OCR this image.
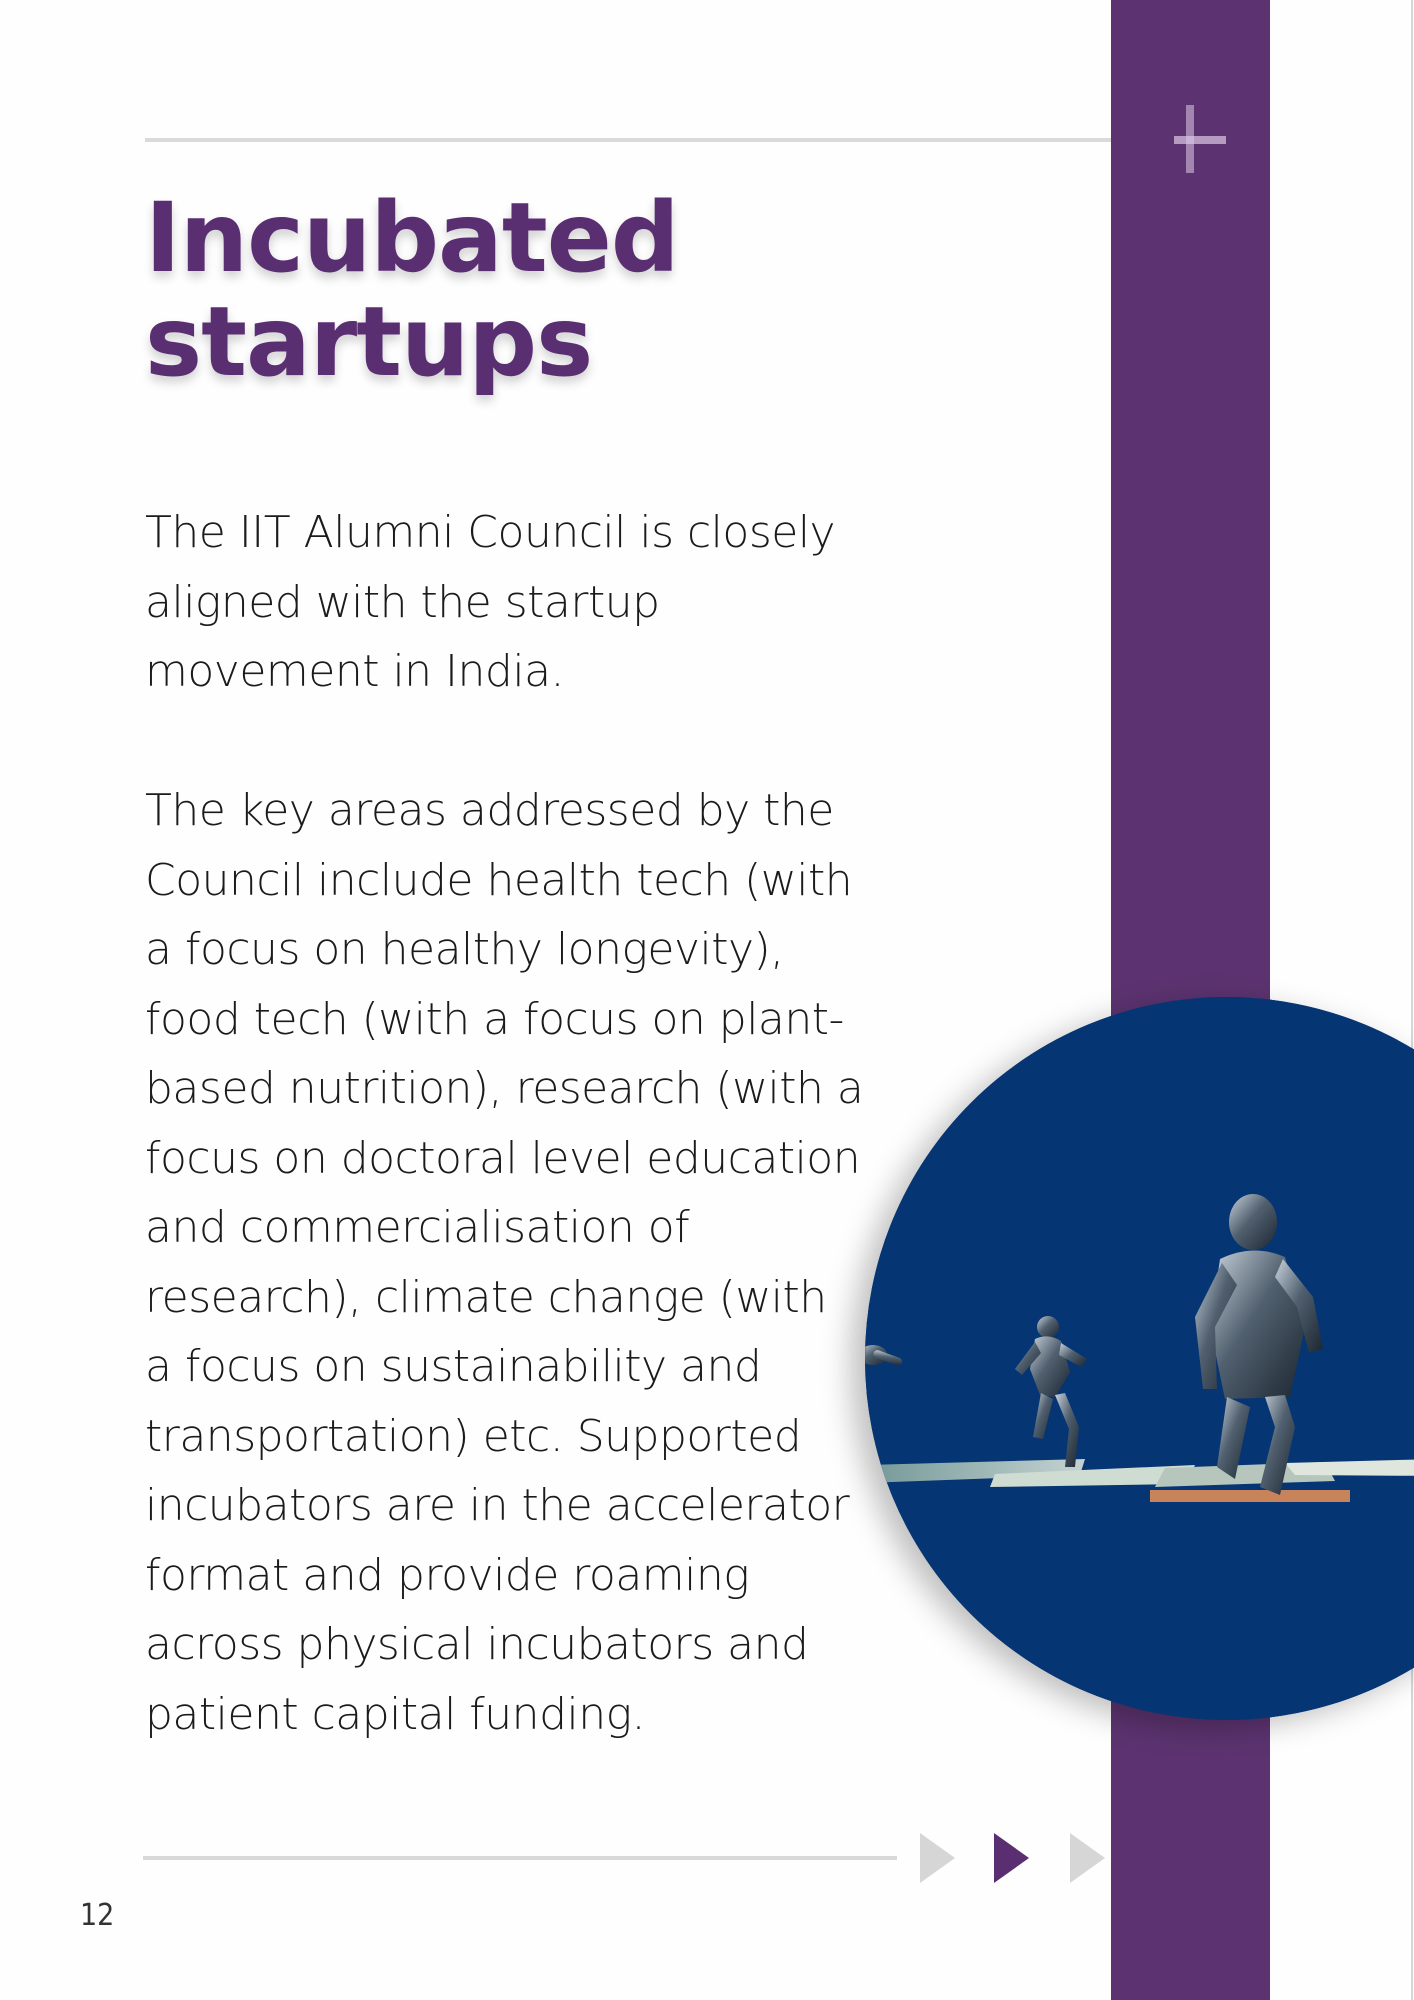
Incubated
startups

The IIT Alumni Council is closely aligned with the startup movement in India.

The key areas addressed by the Council include health tech (with a focus on healthy longevity), food tech (with a focus on plant-based nutrition), research (with a focus on doctoral level education and commercialisation of research), climate change (with a focus on sustainability and transportation) etc. Supported incubators are in the accelerator format and provide roaming across physical incubators and patient capital funding.

12
